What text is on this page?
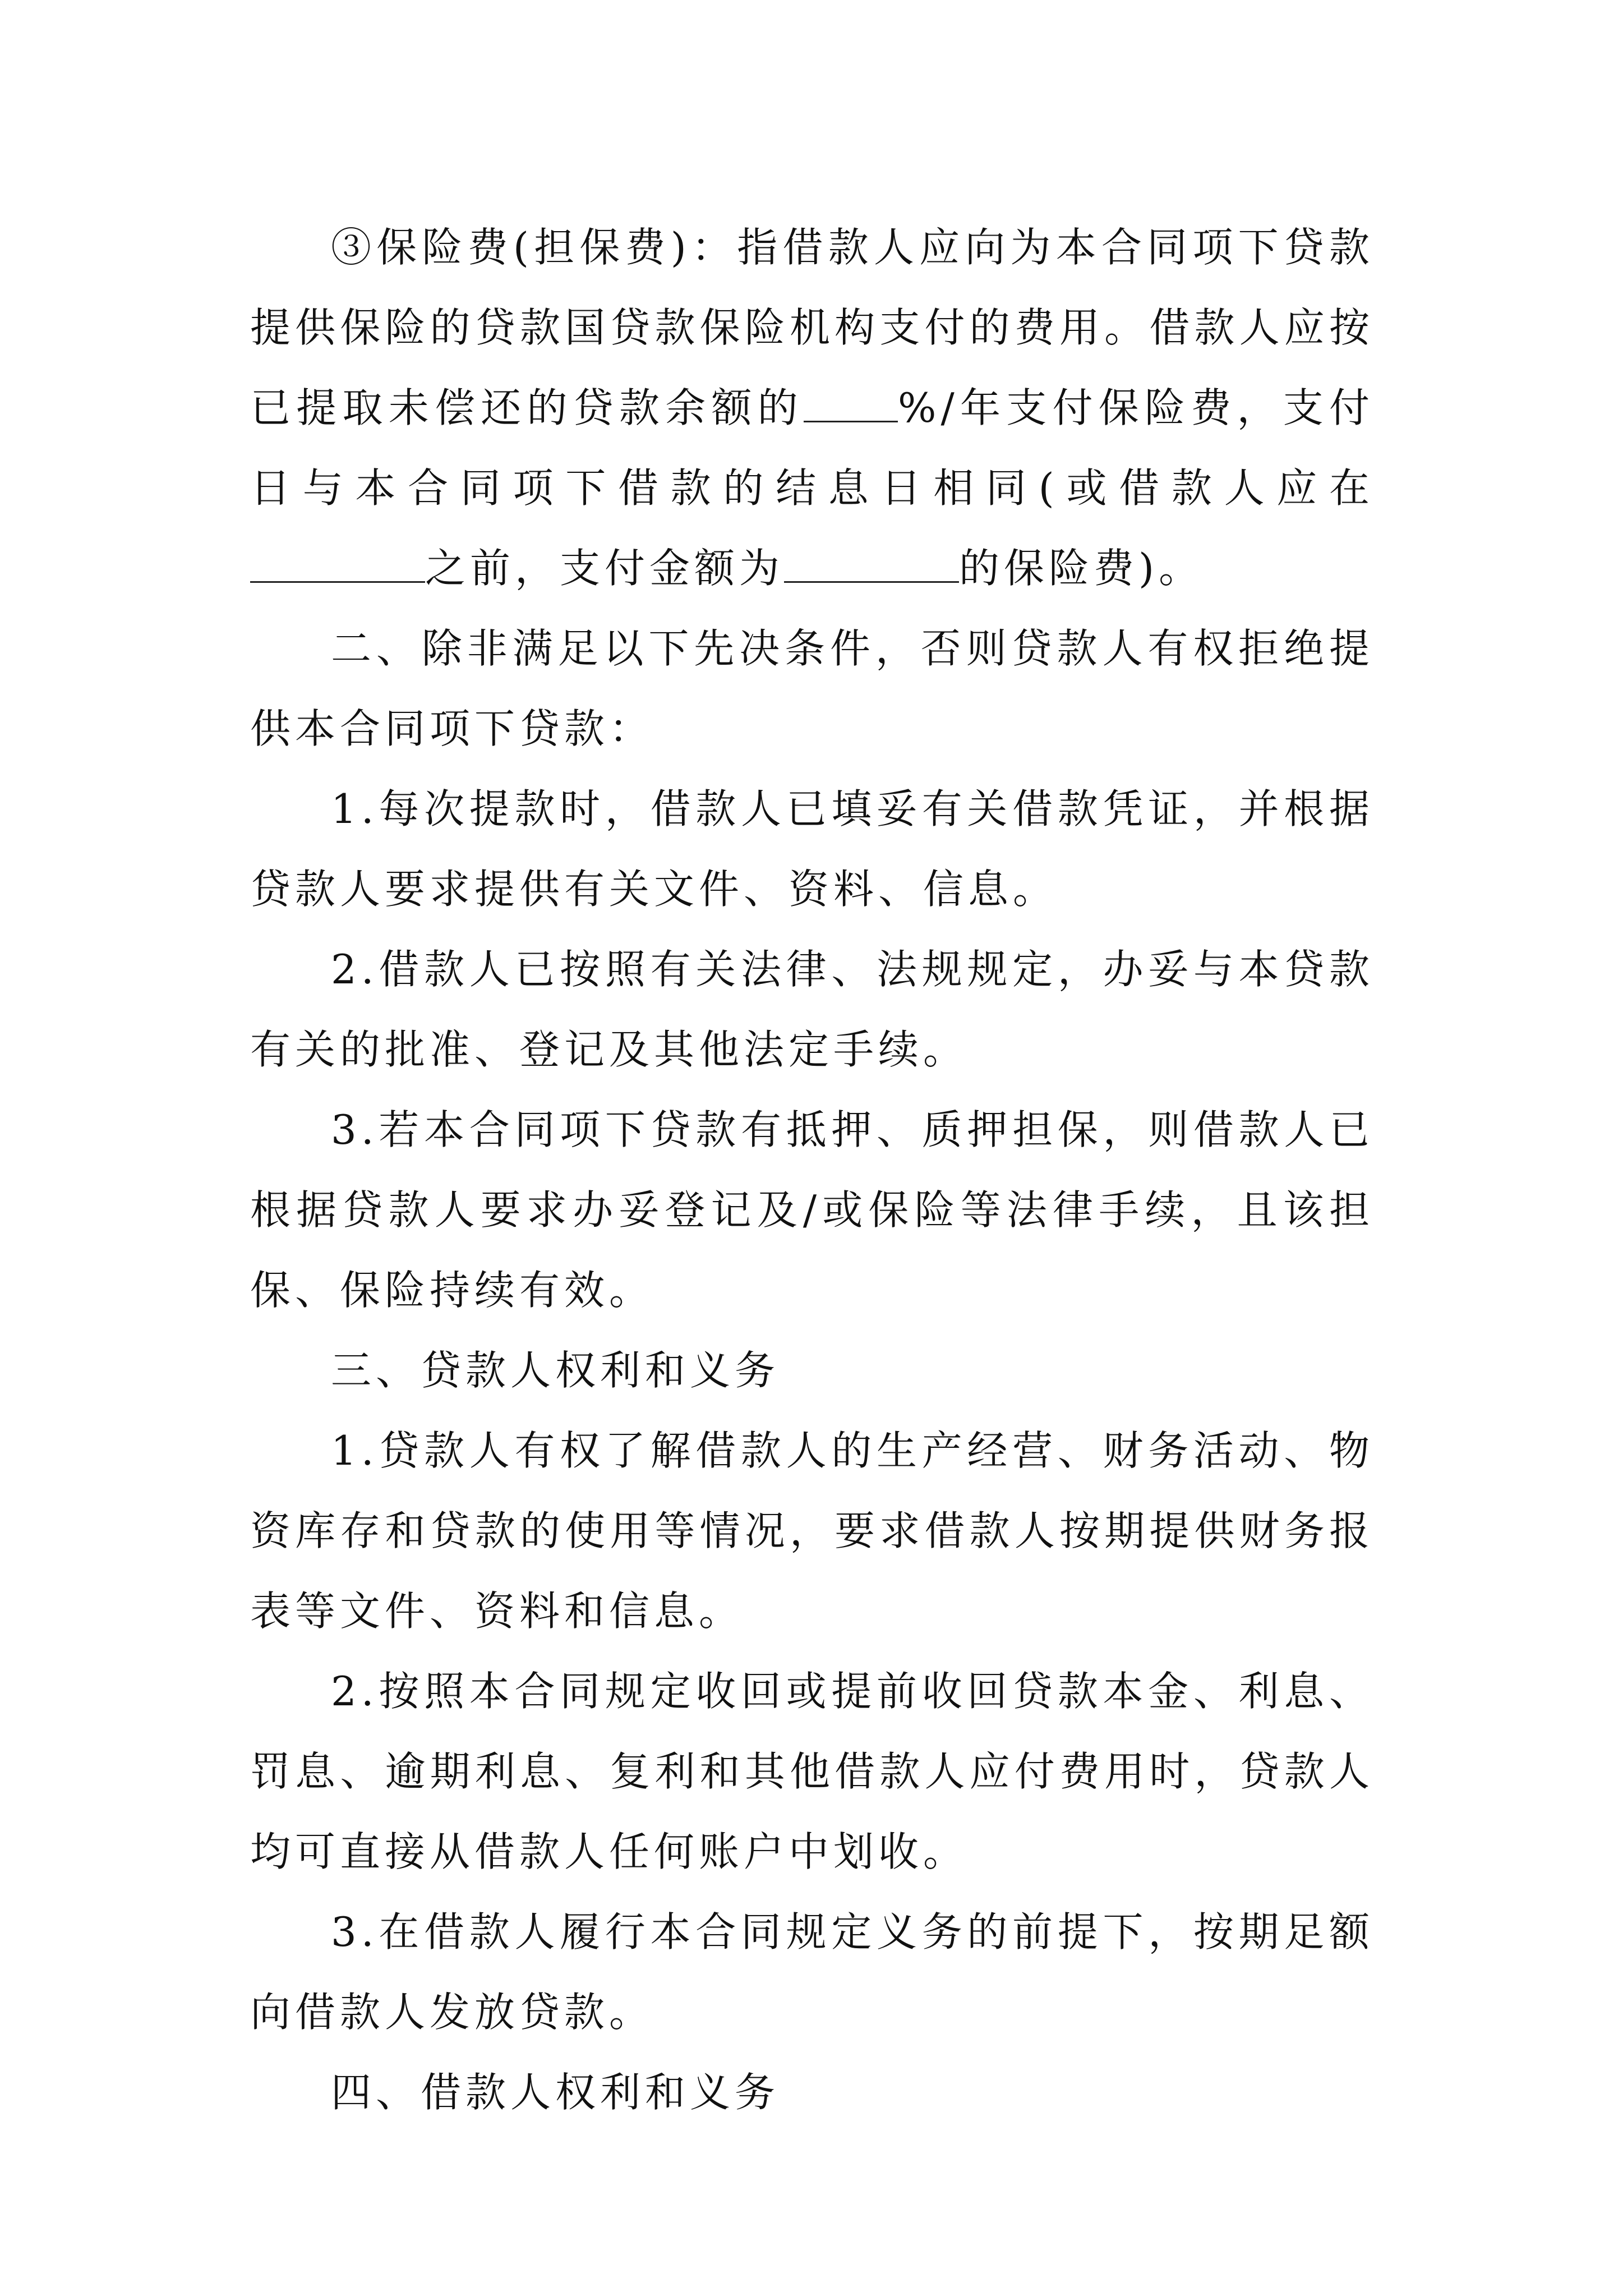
③保险费(担保费)：指借款人应向为本合同项下贷款提供保险的贷款国贷款保险机构支付的费用。借款人应按已提取未偿还的贷款余额的 %/年支付保险费，支付日与本合同项下借款的结息日相同(或借款人应在之前，支付金额为	的保险费)。

二、除非满足以下先决条件，否则贷款人有权拒绝提供本合同项下贷款：

1.每次提款时，借款人已填妥有关借款凭证，并根据贷款人要求提供有关文件、资料、信息。

2.借款人已按照有关法律、法规规定，办妥与本贷款有关的批准、登记及其他法定手续。

3.若本合同项下贷款有抵押、质押担保，则借款人已根据贷款人要求办妥登记及/或保险等法律手续，且该担保、保险持续有效。

三、贷款人权利和义务

1.贷款人有权了解借款人的生产经营、财务活动、物资库存和贷款的使用等情况，要求借款人按期提供财务报表等文件、资料和信息。

2.按照本合同规定收回或提前收回贷款本金、利息、罚息、逾期利息、复利和其他借款人应付费用时，贷款人均可直接从借款人任何账户中划收。

3.在借款人履行本合同规定义务的前提下，按期足额向借款人发放贷款。

四、借款人权利和义务
